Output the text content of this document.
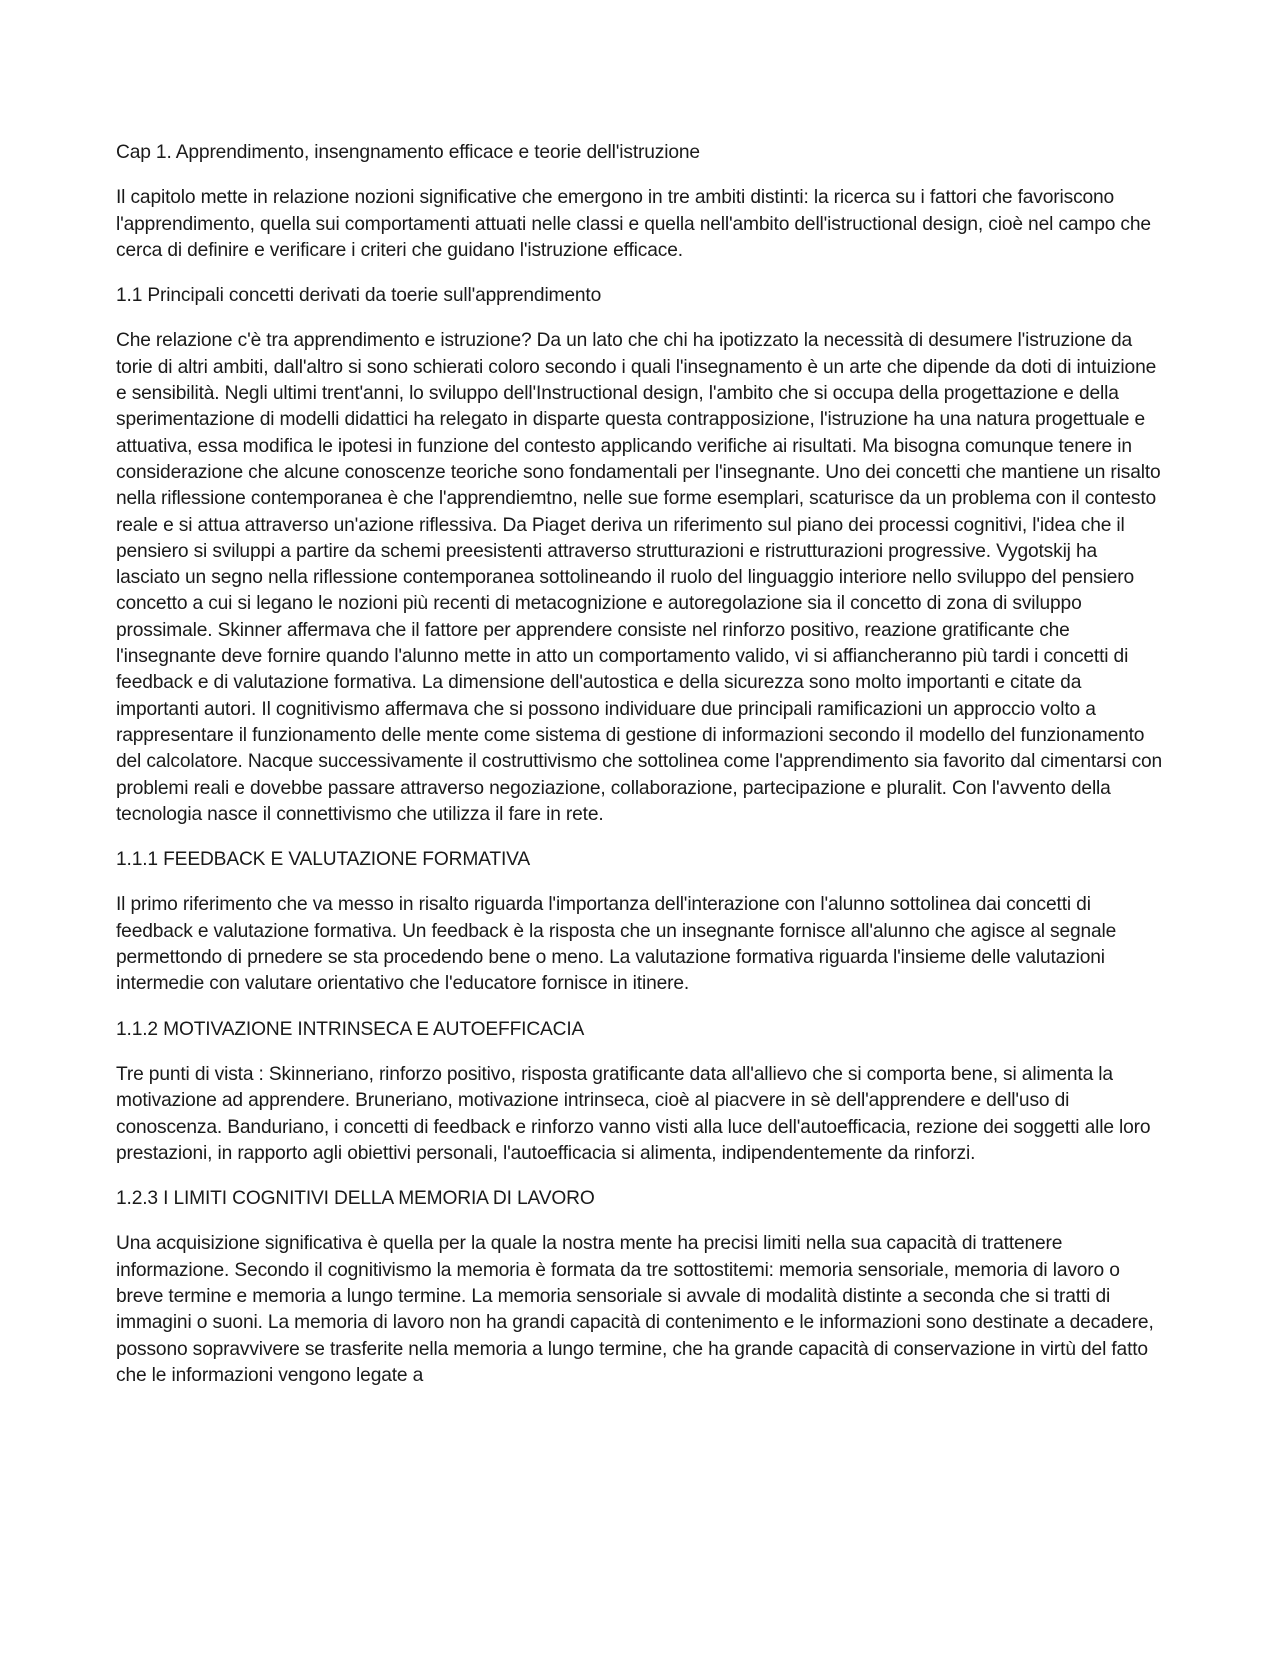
Cap 1. Apprendimento, insengnamento efficace e teorie dell'istruzione

Il capitolo mette in relazione nozioni significative che emergono in tre ambiti distinti: la ricerca su i fattori che favoriscono l'apprendimento, quella sui comportamenti attuati nelle classi e quella nell'ambito dell'istructional design, cioè nel campo che cerca di definire e verificare i criteri che guidano l'istruzione efficace.

1.1 Principali concetti derivati da toerie sull'apprendimento

Che relazione c'è tra apprendimento e istruzione? Da un lato che chi ha ipotizzato la necessità di desumere l'istruzione da torie di altri ambiti, dall'altro si sono schierati coloro secondo i quali l'insegnamento è un arte che dipende da doti di intuizione e sensibilità. Negli ultimi trent'anni, lo sviluppo dell'Instructional design, l'ambito che si occupa della progettazione e della sperimentazione di modelli didattici ha relegato in disparte questa contrapposizione, l'istruzione ha una natura progettuale e attuativa, essa modifica le ipotesi in funzione del contesto applicando verifiche ai risultati. Ma bisogna comunque tenere in considerazione che alcune conoscenze teoriche sono fondamentali per l'insegnante. Uno dei concetti che mantiene un risalto nella riflessione contemporanea è che l'apprendiemtno, nelle sue forme esemplari, scaturisce da un problema con il contesto reale e si attua attraverso un'azione riflessiva. Da Piaget deriva un riferimento sul piano dei processi cognitivi, l'idea che il pensiero si sviluppi a partire da schemi preesistenti attraverso strutturazioni e ristrutturazioni progressive. Vygotskij ha lasciato un segno nella riflessione contemporanea sottolineando il ruolo del linguaggio interiore nello sviluppo del pensiero concetto a cui si legano le nozioni più recenti di metacognizione e autoregolazione sia il concetto di zona di sviluppo prossimale. Skinner affermava che il fattore per apprendere consiste nel rinforzo positivo, reazione gratificante che l'insegnante deve fornire quando l'alunno mette in atto un comportamento valido, vi si affiancheranno più tardi i concetti di feedback e di valutazione formativa. La dimensione dell'autostica e della sicurezza sono molto importanti e citate da importanti autori. Il cognitivismo affermava che si possono individuare due principali ramificazioni un approccio volto a rappresentare il funzionamento delle mente come sistema di gestione di informazioni secondo il modello del funzionamento del calcolatore. Nacque successivamente il costruttivismo che sottolinea come l'apprendimento sia favorito dal cimentarsi con problemi reali e dovebbe passare attraverso negoziazione, collaborazione, partecipazione e pluralit. Con l'avvento della tecnologia nasce il connettivismo che utilizza il fare in rete.

1.1.1 FEEDBACK E VALUTAZIONE FORMATIVA

Il primo riferimento che va messo in risalto riguarda l'importanza dell'interazione con l'alunno sottolinea dai concetti di feedback e valutazione formativa. Un feedback è la risposta che un insegnante fornisce all'alunno che agisce al segnale permettondo di prnedere se sta procedendo bene o meno. La valutazione formativa riguarda l'insieme delle valutazioni intermedie con valutare orientativo che l'educatore fornisce in itinere.

1.1.2 MOTIVAZIONE INTRINSECA E AUTOEFFICACIA

Tre punti di vista : Skinneriano, rinforzo positivo, risposta gratificante data all'allievo che si comporta bene, si alimenta la motivazione ad apprendere. Bruneriano, motivazione intrinseca, cioè al piacvere in sè dell'apprendere e dell'uso di conoscenza. Banduriano, i concetti di feedback e rinforzo vanno visti alla luce dell'autoefficacia, rezione dei soggetti alle loro prestazioni, in rapporto agli obiettivi personali, l'autoefficacia si alimenta, indipendentemente da rinforzi.

1.2.3 I LIMITI COGNITIVI DELLA MEMORIA DI LAVORO

Una acquisizione significativa è quella per la quale la nostra mente ha precisi limiti nella sua capacità di trattenere informazione. Secondo il cognitivismo la memoria è formata da tre sottostitemi: memoria sensoriale, memoria di lavoro o breve termine e memoria a lungo termine. La memoria sensoriale si avvale di modalità distinte a seconda che si tratti di immagini o suoni. La memoria di lavoro non ha grandi capacità di contenimento e le informazioni sono destinate a decadere, possono sopravvivere se trasferite nella memoria a lungo termine, che ha grande capacità di conservazione in virtù del fatto che le informazioni vengono legate a
